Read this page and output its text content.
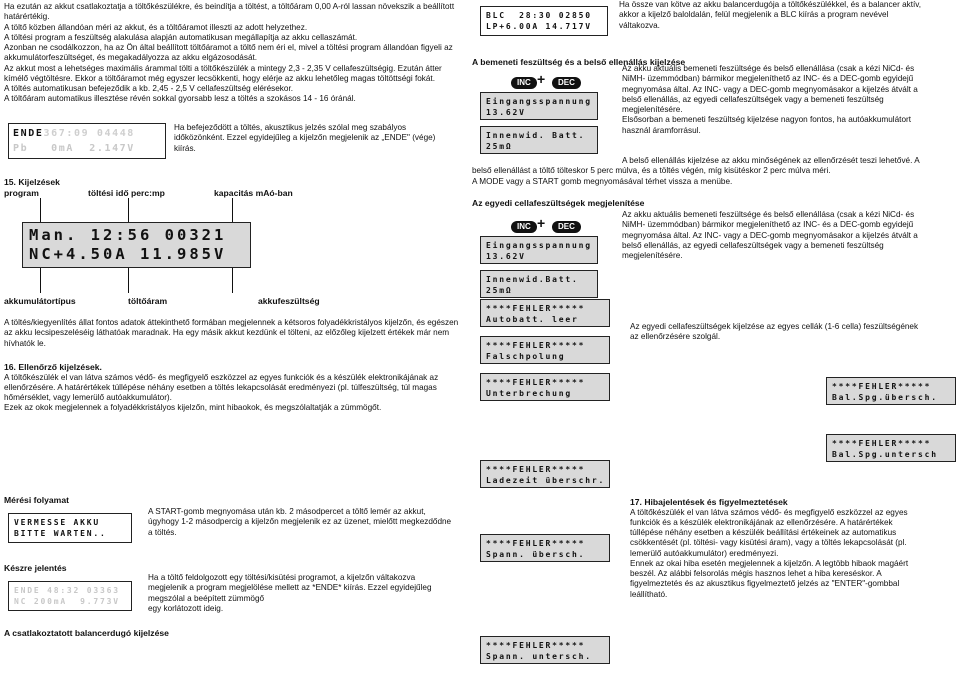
Ha ezután az akkut csatlakoztatja a töltőkészülékre, és beindítja a töltést, a töltőáram 0,00 A-ról lassan növekszik a beállított
határértékig.
A töltő közben állandóan méri az akkut, és a töltőáramot illeszti az adott helyzethez.
A töltési program a feszültség alakulása alapján automatikusan megállapítja az akku cellaszámát.
Azonban ne csodálkozzon, ha az Ön által beállított töltőáramot a töltő nem éri el, mivel a töltési program állandóan figyeli az
akkumulátorfeszültséget, és megakadályozza az akku elgázosodását.
Az akkut most a lehetséges maximális árammal tölti a töltőkészülék a mintegy 2,3 - 2,35 V cellafeszültségig. Ezután átter
kímélő végtöltésre. Ekkor a töltőáramot még egyszer lecsökkenti, hogy elérje az akku lehetőleg magas töltöttségi fokát.
A töltés automatikusan befejeződik a kb. 2,45 - 2,5 V cellafeszültség elérésekor.
A töltőáram automatikus illesztése révén sokkal gyorsabb lesz a töltés a szokásos 14 - 16 óránál.
ENDE367:09 04448
Pb   0mA  2.147V
Ha befejeződött a töltés, akusztikus jelzés szólal meg szabályos
időközönként. Ezzel egyidejűleg a kijelzőn megjelenik az „ENDE" (vége)
kiírás.
15. Kijelzések
program	töltési idő perc:mp	kapacitás mAó-ban
Man. 12:56 00321
NC+4.50A 11.985V
akkumulátortípus	töltőáram	akkufeszültség
A töltés/kiegyenlítés állat fontos adatok áttekinthető formában megjelennek a kétsoros folyadékkristályos kijelzőn, és egészen
az akku lecsipeszeléséig láthatóak maradnak. Ha egy másik akkut kezdünk el tölteni, az előzőleg kijelzett értékek már nem
hívhatók le.
16. Ellenőrző kijelzések.
A töltőkészülék el van látva számos védő- és megfigyelő eszközzel az egyes funkciók és a készülék elektronikájának az
ellenőrzésére. A határértékek túllépése néhány esetben a töltés lekapcsolását eredményezi (pl. túlfeszültség, túl magas
hőmérséklet, vagy lemerülő autóakkumulátor).
Ezek az okok megjelennek a folyadékkristályos kijelzőn, mint hibaokok, és megszólaltatják a zümmögőt.
Mérési folyamat
VERMESSE AKKU
BITTE WARTEN..
A START-gomb megnyomása után kb. 2 másodpercet a töltő lemér az akkut,
úgyhogy 1-2 másodpercig a kijelzőn megjelenik ez az üzenet, mielőtt megkezdődne
a töltés.
Készre jelentés
ENDE 48:32 03363
NC 200mA  9.773V
Ha a töltő feldolgozott egy töltési/kisütési programot, a kijelzőn váltakozva
megjelenik a program megjelölése mellett az *ENDE* kiírás. Ezzel egyidejűleg
megszólal a beépített zümmögő
egy korlátozott ideig.
A csatlakoztatott balancerdugó kijelzése
BLC  28:30 02850
LP+6.00A 14.717V
Ha össze van kötve az akku balancerdugója a töltőkészülékkel, és a balancer aktív,
akkor a kijelző baloldalán, felül megjelenik a BLC kiírás a program nevével
váltakozva.
A bemeneti feszültség és a belső ellenállás kijelzése
INC +	DEC
Eingangsspannung
13.62V
Innenwid. Batt.
25mΩ
Az akku aktuális bemeneti feszültsége és belső ellenállása (csak a kézi NiCd- és
NiMH- üzemmódban) bármikor megjeleníthető az INC- és a DEC-gomb egyidejű
megnyomása által. Az INC- vagy a DEC-gomb megnyomásakor a kijelzés átvált a
belső ellenállás, az egyedi cellafeszültségek vagy a bemeneti feszültség
megjelenítésére.
Elsősorban a bemeneti feszültség kijelzése nagyon fontos, ha autóakkumulátort
használ áramforrásul.
A belső ellenállás kijelzése az akku minőségének az ellenőrzését teszi lehetővé. A
belső ellenállást a töltő tölteskor 5 perc múlva, és a töltés végén, míg kisütéskor 2 perc múlva méri.
A MODE vagy a START gomb megnyomásával térhet vissza a menübe.
Az egyedi cellafeszültségek megjelenítése
INC +	DEC
Eingangsspannung
13.62V
Innenwid.Batt.
25mΩ
Az akku aktuális bemeneti feszültsége és belső ellenállása (csak a kézi NiCd- és
NiMH- üzemmódban) bármikor megjeleníthető az INC- és a DEC-gomb egyidejű
megnyomása által. Az INC- vagy a DEC-gomb megnyomásakor a kijelzés átvált a
belső ellenállás, az egyedi cellafeszültségek vagy a bemeneti feszültség
megjelenítésére.
****FEHLER*****
Autobatt. leer
****FEHLER*****
Falschpolung
****FEHLER*****
Unterbrechung
****FEHLER*****
Ladezeit überschr.
****FEHLER*****
Spann. übersch.
****FEHLER*****
Spann. untersch.
Az egyedi cellafeszültségek kijelzése az egyes cellák (1-6 cella) feszültségének
az ellenőrzésére szolgál.
****FEHLER*****
Bal.Spg.übersch.
****FEHLER*****
Bal.Spg.untersch
17. Hibajelentések és figyelmeztetések
A töltőkészülék el van látva számos védő- és megfigyelő eszközzel az egyes
funkciók és a készülék elektronikájának az ellenőrzésére. A határértékek
túllépése néhány esetben a készülék beállítási értékeinek az automatikus
csökkentését (pl. töltési- vagy kisütési áram), vagy a töltés lekapcsolását (pl.
lemerülő autóakkumulátor) eredményezi.
Ennek az okai hiba esetén megjelennek a kijelzőn. A legtöbb hibaok magáért
beszél. Az alábbi felsorolás mégis hasznos lehet a hiba kereséskor. A
figyelmeztetés és az akusztikus figyelmeztető jelzés az "ENTER"-gombbal
leállítható.
